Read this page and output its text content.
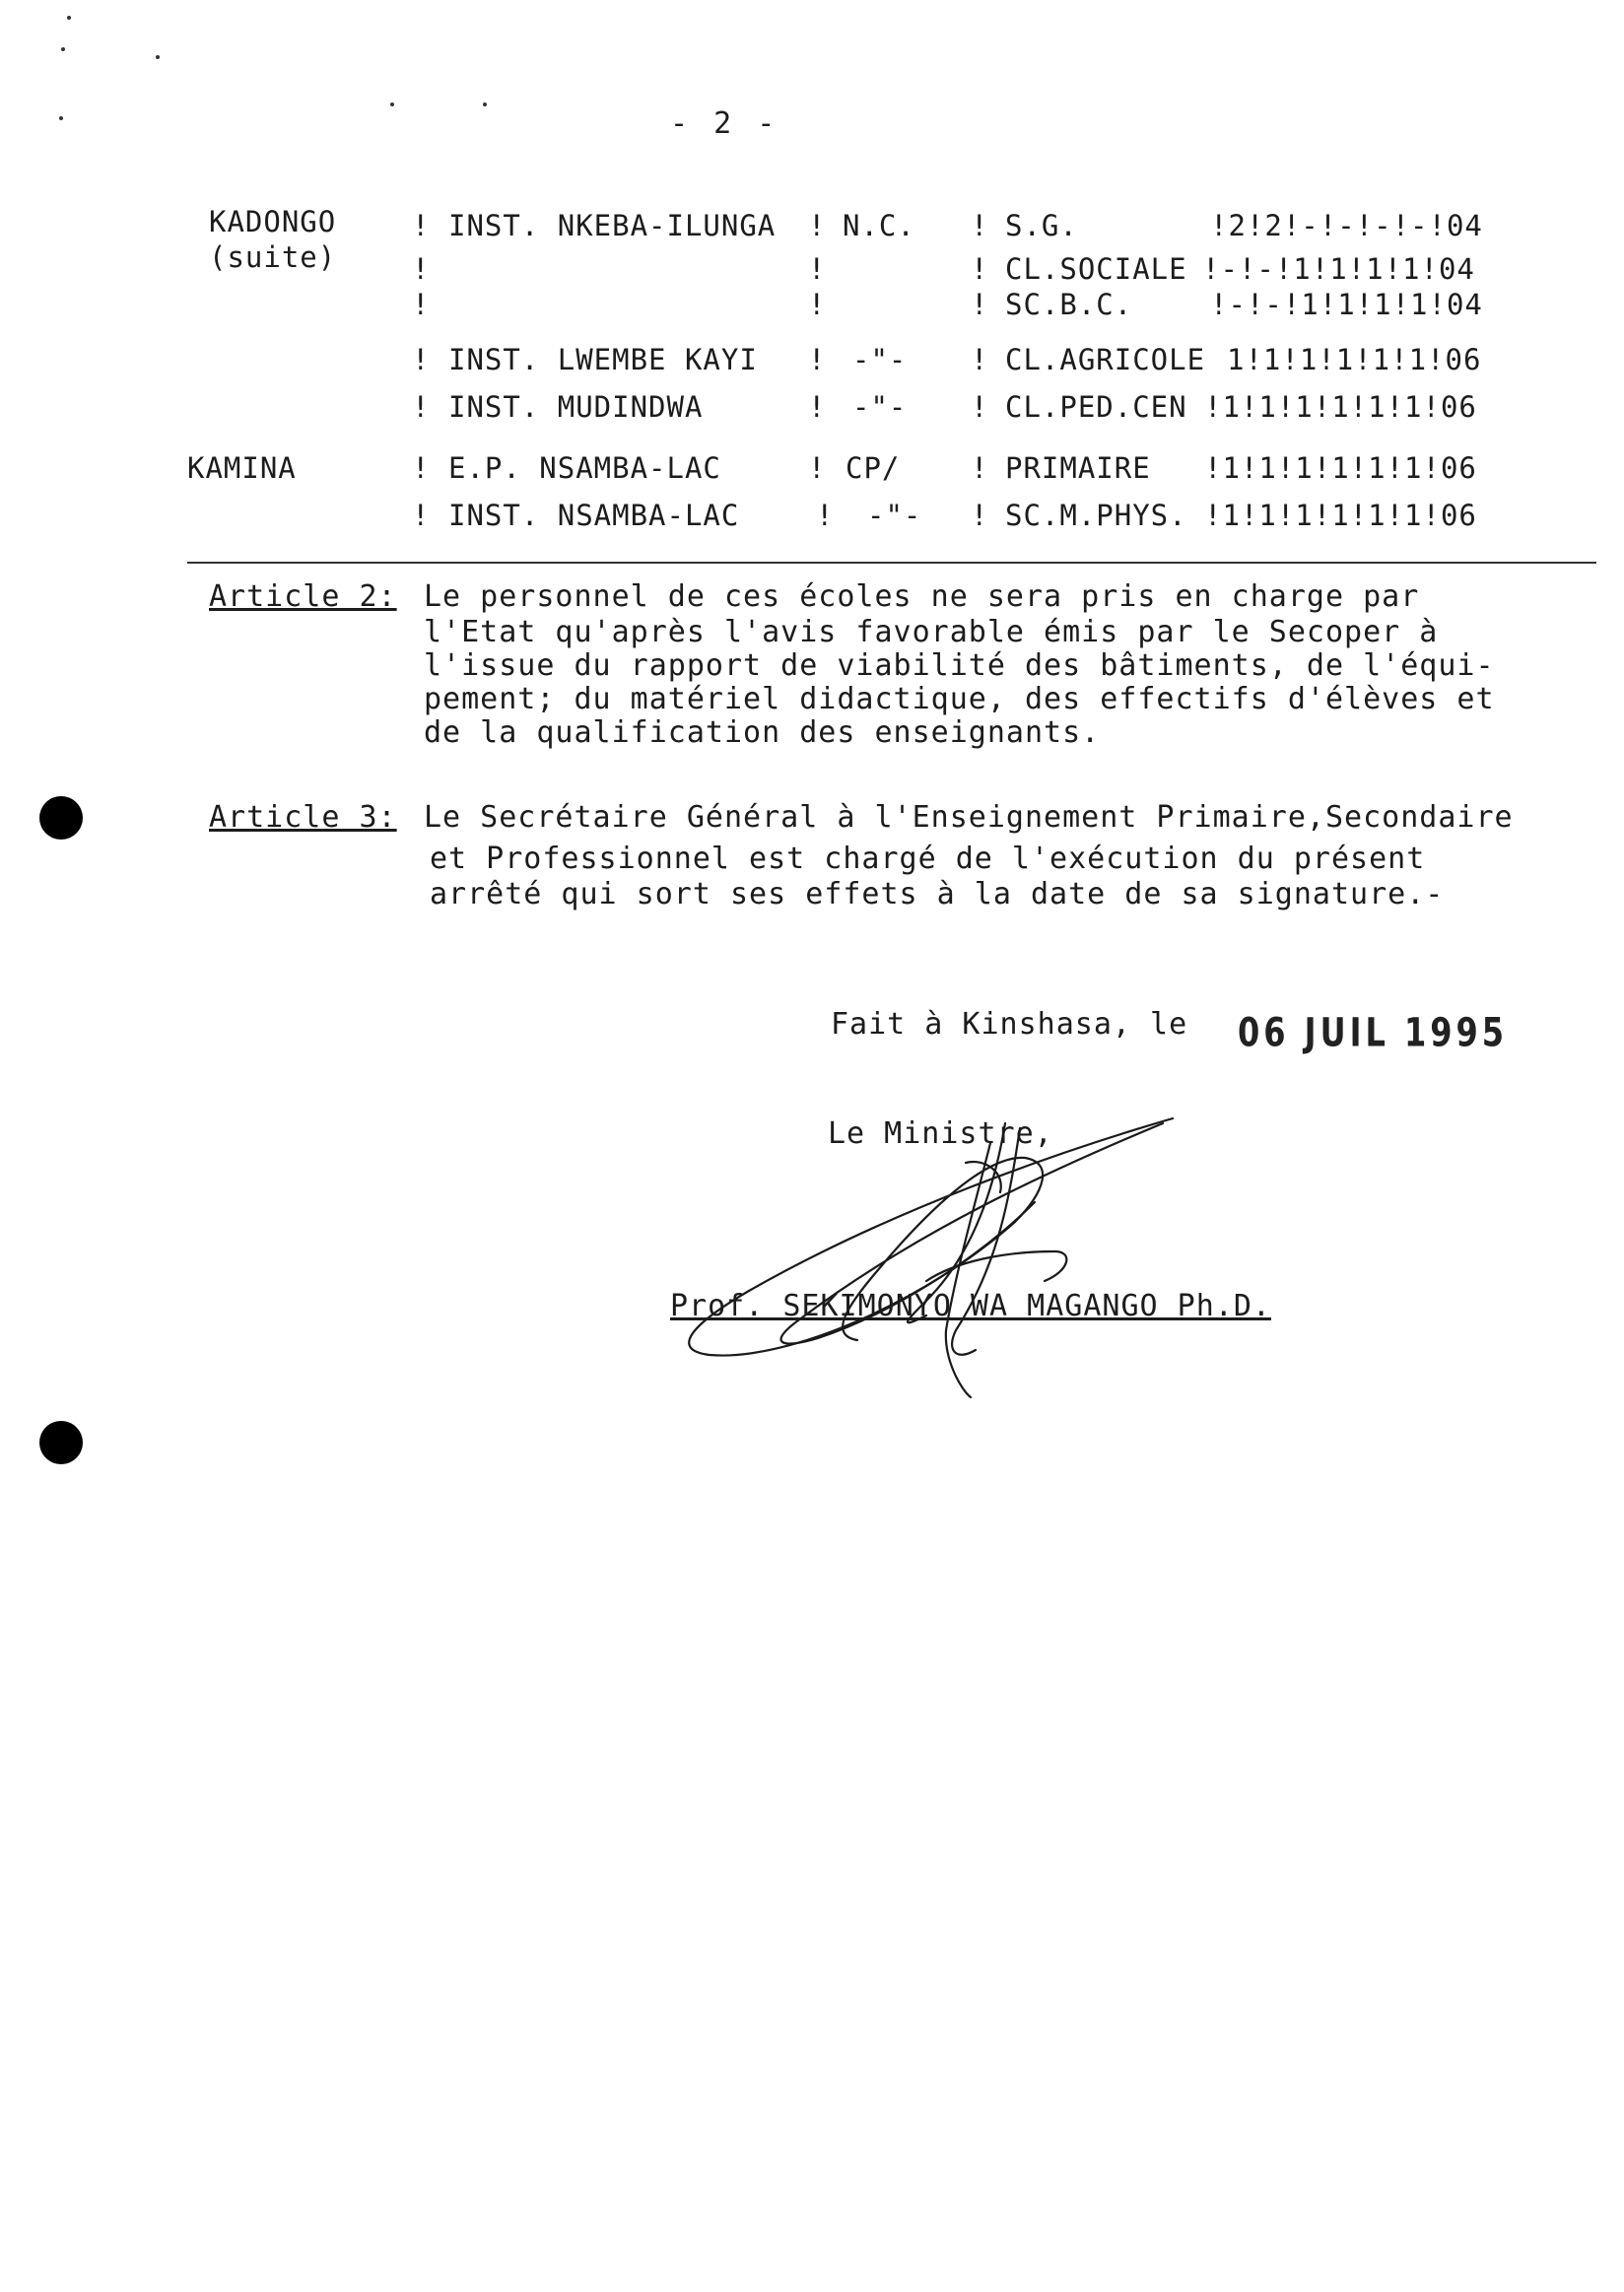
- 2 -
KADONGO	! INST. NKEBA-ILUNGA ! N.C. ! S.G.	!2!2!-!-!-!-!04
(suite)	!	!	! CL.SOCIALE !-!-!1!1!1!1!04
!	!	! SC.B.C.	!-!-!1!1!1!1!04
! INST. LWEMBE KAYI ! -"- ! CL.AGRICOLE 1!1!1!1!1!1!06
! INST. MUDINDWA	! -"- ! CL.PED.CEN !1!1!1!1!1!1!06
KAMINA	! E.P. NSAMBA-LAC	! CP/ ! PRIMAIRE !1!1!1!1!1!1!06
! INST. NSAMBA-LAC	! -"- ! SC.M.PHYS. !1!1!1!1!1!1!06
Article 2: Le personnel de ces écoles ne sera pris en charge par
l'Etat qu'après l'avis favorable émis par le Secoper à
l'issue du rapport de viabilité des bâtiments, de l'équi-
pement; du matériel didactique, des effectifs d'élèves et
de la qualification des enseignants.
Article 3: Le Secrétaire Général à l'Enseignement Primaire,Secondaire
et Professionnel est chargé de l'exécution du présent
arrêté qui sort ses effets à la date de sa signature.-
Fait à Kinshasa, le 06 JUIL 1995
Le Ministre,
Prof. SEKIMONYO WA MAGANGO Ph.D.
